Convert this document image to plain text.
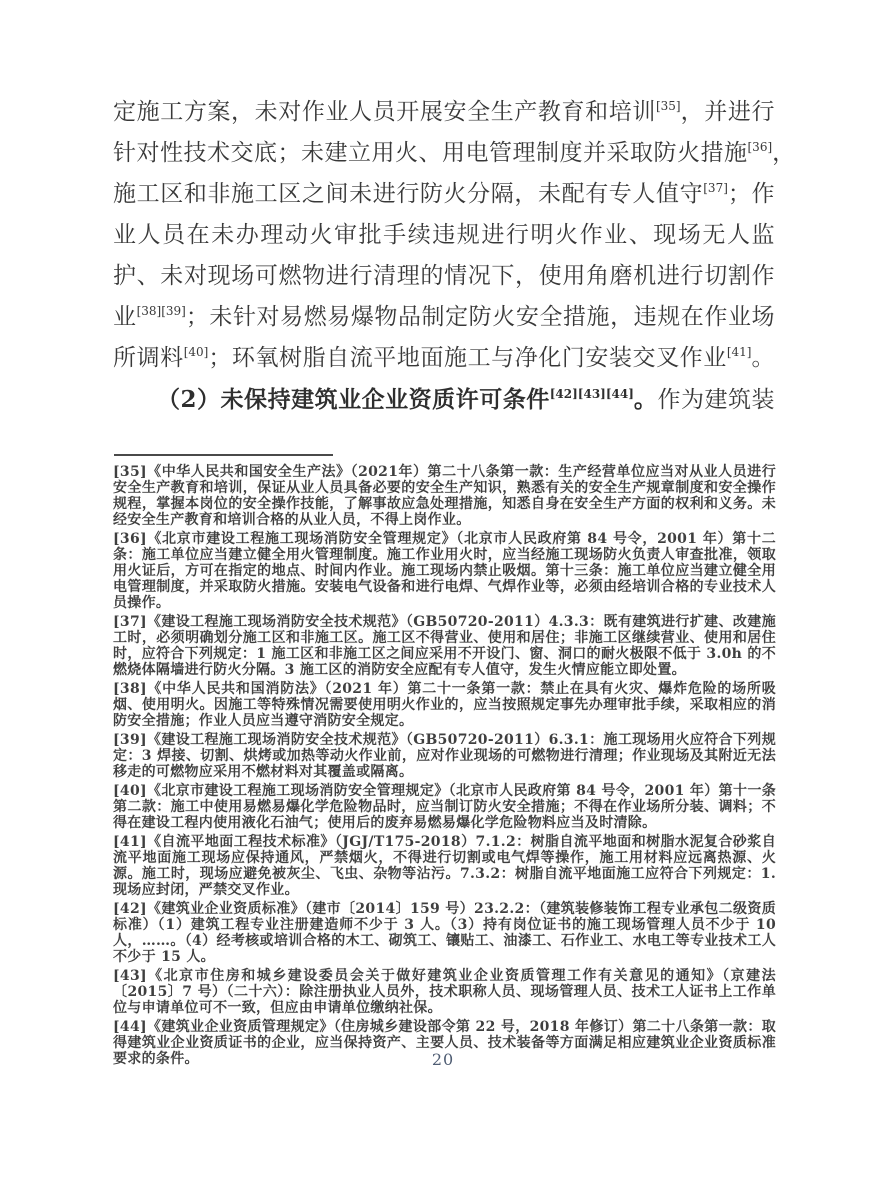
定施工方案，未对作业人员开展安全生产教育和培训[35]，并进行
针对性技术交底；未建立用火、用电管理制度并采取防火措施[36]，
施工区和非施工区之间未进行防火分隔，未配有专人值守[37]；作
业人员在未办理动火审批手续违规进行明火作业、现场无人监
护、未对现场可燃物进行清理的情况下，使用角磨机进行切割作
业[38][39]；未针对易燃易爆物品制定防火安全措施，违规在作业场
所调料[40]；环氧树脂自流平地面施工与净化门安装交叉作业[41]。
（2）未保持建筑业企业资质许可条件[42][43][44]。作为建筑装

[35]《中华人民共和国安全生产法》（2021年）第二十八条第一款：生产经营单位应当对从业人员进行安全生产教育和培训，保证从业人员具备必要的安全生产知识，熟悉有关的安全生产规章制度和安全操作规程，掌握本岗位的安全操作技能，了解事故应急处理措施，知悉自身在安全生产方面的权利和义务。未经安全生产教育和培训合格的从业人员，不得上岗作业。

[36]《北京市建设工程施工现场消防安全管理规定》（北京市人民政府第 84 号令，2001 年）第十二条：施工单位应当建立健全用火管理制度。施工作业用火时，应当经施工现场防火负责人审查批准，领取用火证后，方可在指定的地点、时间内作业。施工现场内禁止吸烟。第十三条：施工单位应当建立健全用电管理制度，并采取防火措施。安装电气设备和进行电焊、气焊作业等，必须由经培训合格的专业技术人员操作。

[37]《建设工程施工现场消防安全技术规范》（GB50720-2011）4.3.3：既有建筑进行扩建、改建施工时，必须明确划分施工区和非施工区。施工区不得营业、使用和居住；非施工区继续营业、使用和居住时，应符合下列规定：1 施工区和非施工区之间应采用不开设门、窗、洞口的耐火极限不低于 3.0h 的不燃烧体隔墙进行防火分隔。3 施工区的消防安全应配有专人值守，发生火情应能立即处置。

[38]《中华人民共和国消防法》（2021 年）第二十一条第一款：禁止在具有火灾、爆炸危险的场所吸烟、使用明火。因施工等特殊情况需要使用明火作业的，应当按照规定事先办理审批手续，采取相应的消防安全措施；作业人员应当遵守消防安全规定。

[39]《建设工程施工现场消防安全技术规范》（GB50720-2011）6.3.1：施工现场用火应符合下列规定：3 焊接、切割、烘烤或加热等动火作业前，应对作业现场的可燃物进行清理；作业现场及其附近无法移走的可燃物应采用不燃材料对其覆盖或隔离。

[40]《北京市建设工程施工现场消防安全管理规定》（北京市人民政府第 84 号令，2001 年）第十一条第二款：施工中使用易燃易爆化学危险物品时，应当制订防火安全措施；不得在作业场所分装、调料；不得在建设工程内使用液化石油气；使用后的废弃易燃易爆化学危险物料应当及时清除。

[41]《自流平地面工程技术标准》（JGJ/T175-2018）7.1.2：树脂自流平地面和树脂水泥复合砂浆自流平地面施工现场应保持通风，严禁烟火，不得进行切割或电气焊等操作，施工用材料应远离热源、火源。施工时，现场应避免被灰尘、飞虫、杂物等沾污。7.3.2：树脂自流平地面施工应符合下列规定：1.现场应封闭，严禁交叉作业。

[42]《建筑业企业资质标准》（建市〔2014〕159 号）23.2.2：（建筑装修装饰工程专业承包二级资质标准）（1）建筑工程专业注册建造师不少于 3 人。（3）持有岗位证书的施工现场管理人员不少于 10 人，……。（4）经考核或培训合格的木工、砌筑工、镶贴工、油漆工、石作业工、水电工等专业技术工人不少于 15 人。

[43]《北京市住房和城乡建设委员会关于做好建筑业企业资质管理工作有关意见的通知》（京建法〔2015〕7 号）（二十六）：除注册执业人员外，技术职称人员、现场管理人员、技术工人证书上工作单位与申请单位可不一致，但应由申请单位缴纳社保。

[44]《建筑业企业资质管理规定》（住房城乡建设部令第 22 号，2018 年修订）第二十八条第一款：取得建筑业企业资质证书的企业，应当保持资产、主要人员、技术装备等方面满足相应建筑业企业资质标准要求的条件。	20
